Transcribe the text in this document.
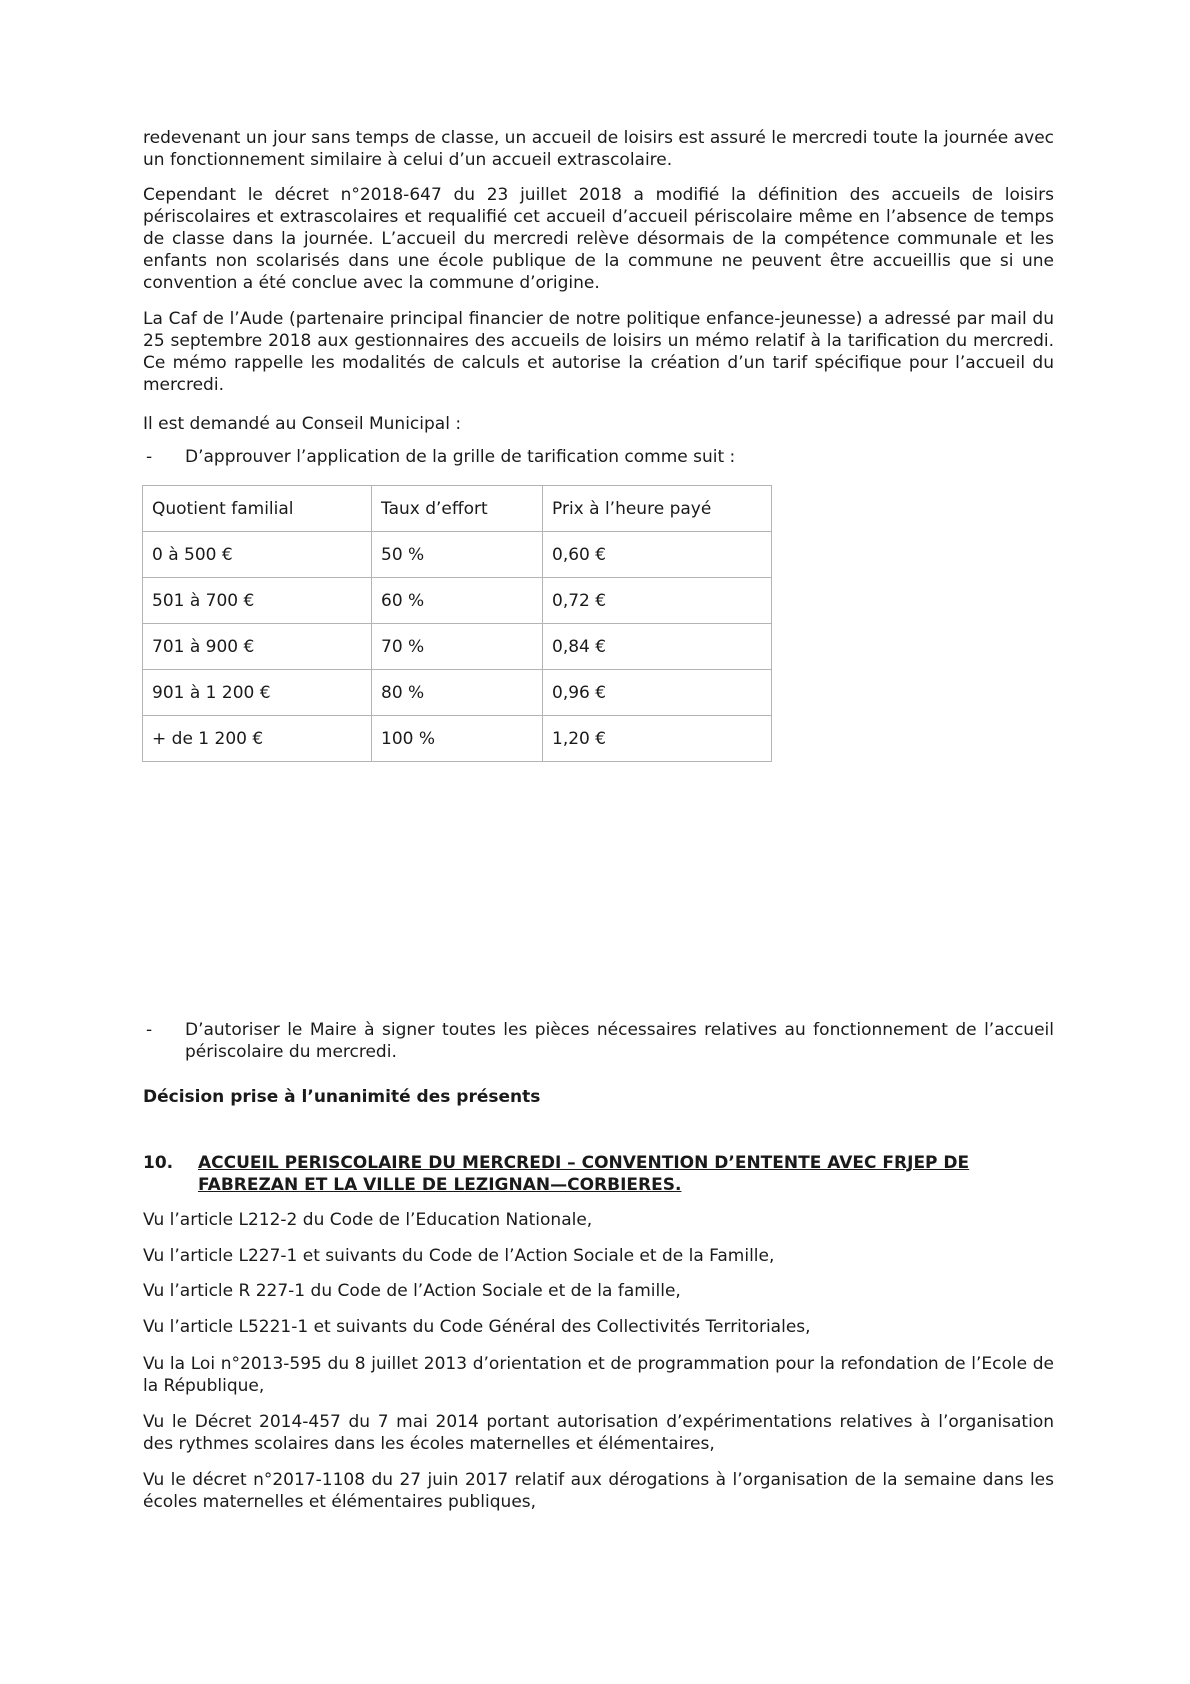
redevenant un jour sans temps de classe, un accueil de loisirs est assuré le mercredi toute la journée avec un fonctionnement similaire à celui d’un accueil extrascolaire.

Cependant le décret n°2018-647 du 23 juillet 2018 a modifié la définition des accueils de loisirs périscolaires et extrascolaires et requalifié cet accueil d’accueil périscolaire même en l’absence de temps de classe dans la journée. L’accueil du mercredi relève désormais de la compétence communale et les enfants non scolarisés dans une école publique de la commune ne peuvent être accueillis que si une convention a été conclue avec la commune d’origine.

La Caf de l’Aude (partenaire principal financier de notre politique enfance-jeunesse) a adressé par mail du 25 septembre 2018 aux gestionnaires des accueils de loisirs un mémo relatif à la tarification du mercredi. Ce mémo rappelle les modalités de calculs et autorise la création d’un tarif spécifique pour l’accueil du mercredi.

Il est demandé au Conseil Municipal :

- D’approuver l’application de la grille de tarification comme suit :
Quotient familial	Taux d’effort	Prix à l’heure payé
0 à 500 €	50 %	0,60 €
501 à 700 €	60 %	0,72 €
701 à 900 €	70 %	0,84 €
901 à 1 200 €	80 %	0,96 €
+ de 1 200 €	100 %	1,20 €
- D’autoriser le Maire à signer toutes les pièces nécessaires relatives au fonctionnement de l’accueil périscolaire du mercredi.

Décision prise à l’unanimité des présents

10. ACCUEIL PERISCOLAIRE DU MERCREDI – CONVENTION D’ENTENTE AVEC FRJEP DE FABREZAN ET LA VILLE DE LEZIGNAN—CORBIERES.

Vu l’article L212-2 du Code de l’Education Nationale,

Vu l’article L227-1 et suivants du Code de l’Action Sociale et de la Famille,

Vu l’article R 227-1 du Code de l’Action Sociale et de la famille,

Vu l’article L5221-1 et suivants du Code Général des Collectivités Territoriales,

Vu la Loi n°2013-595 du 8 juillet 2013 d’orientation et de programmation pour la refondation de l’Ecole de la République,

Vu le Décret 2014-457 du 7 mai 2014 portant autorisation d’expérimentations relatives à l’organisation des rythmes scolaires dans les écoles maternelles et élémentaires,

Vu le décret n°2017-1108 du 27 juin 2017 relatif aux dérogations à l’organisation de la semaine dans les écoles maternelles et élémentaires publiques,
